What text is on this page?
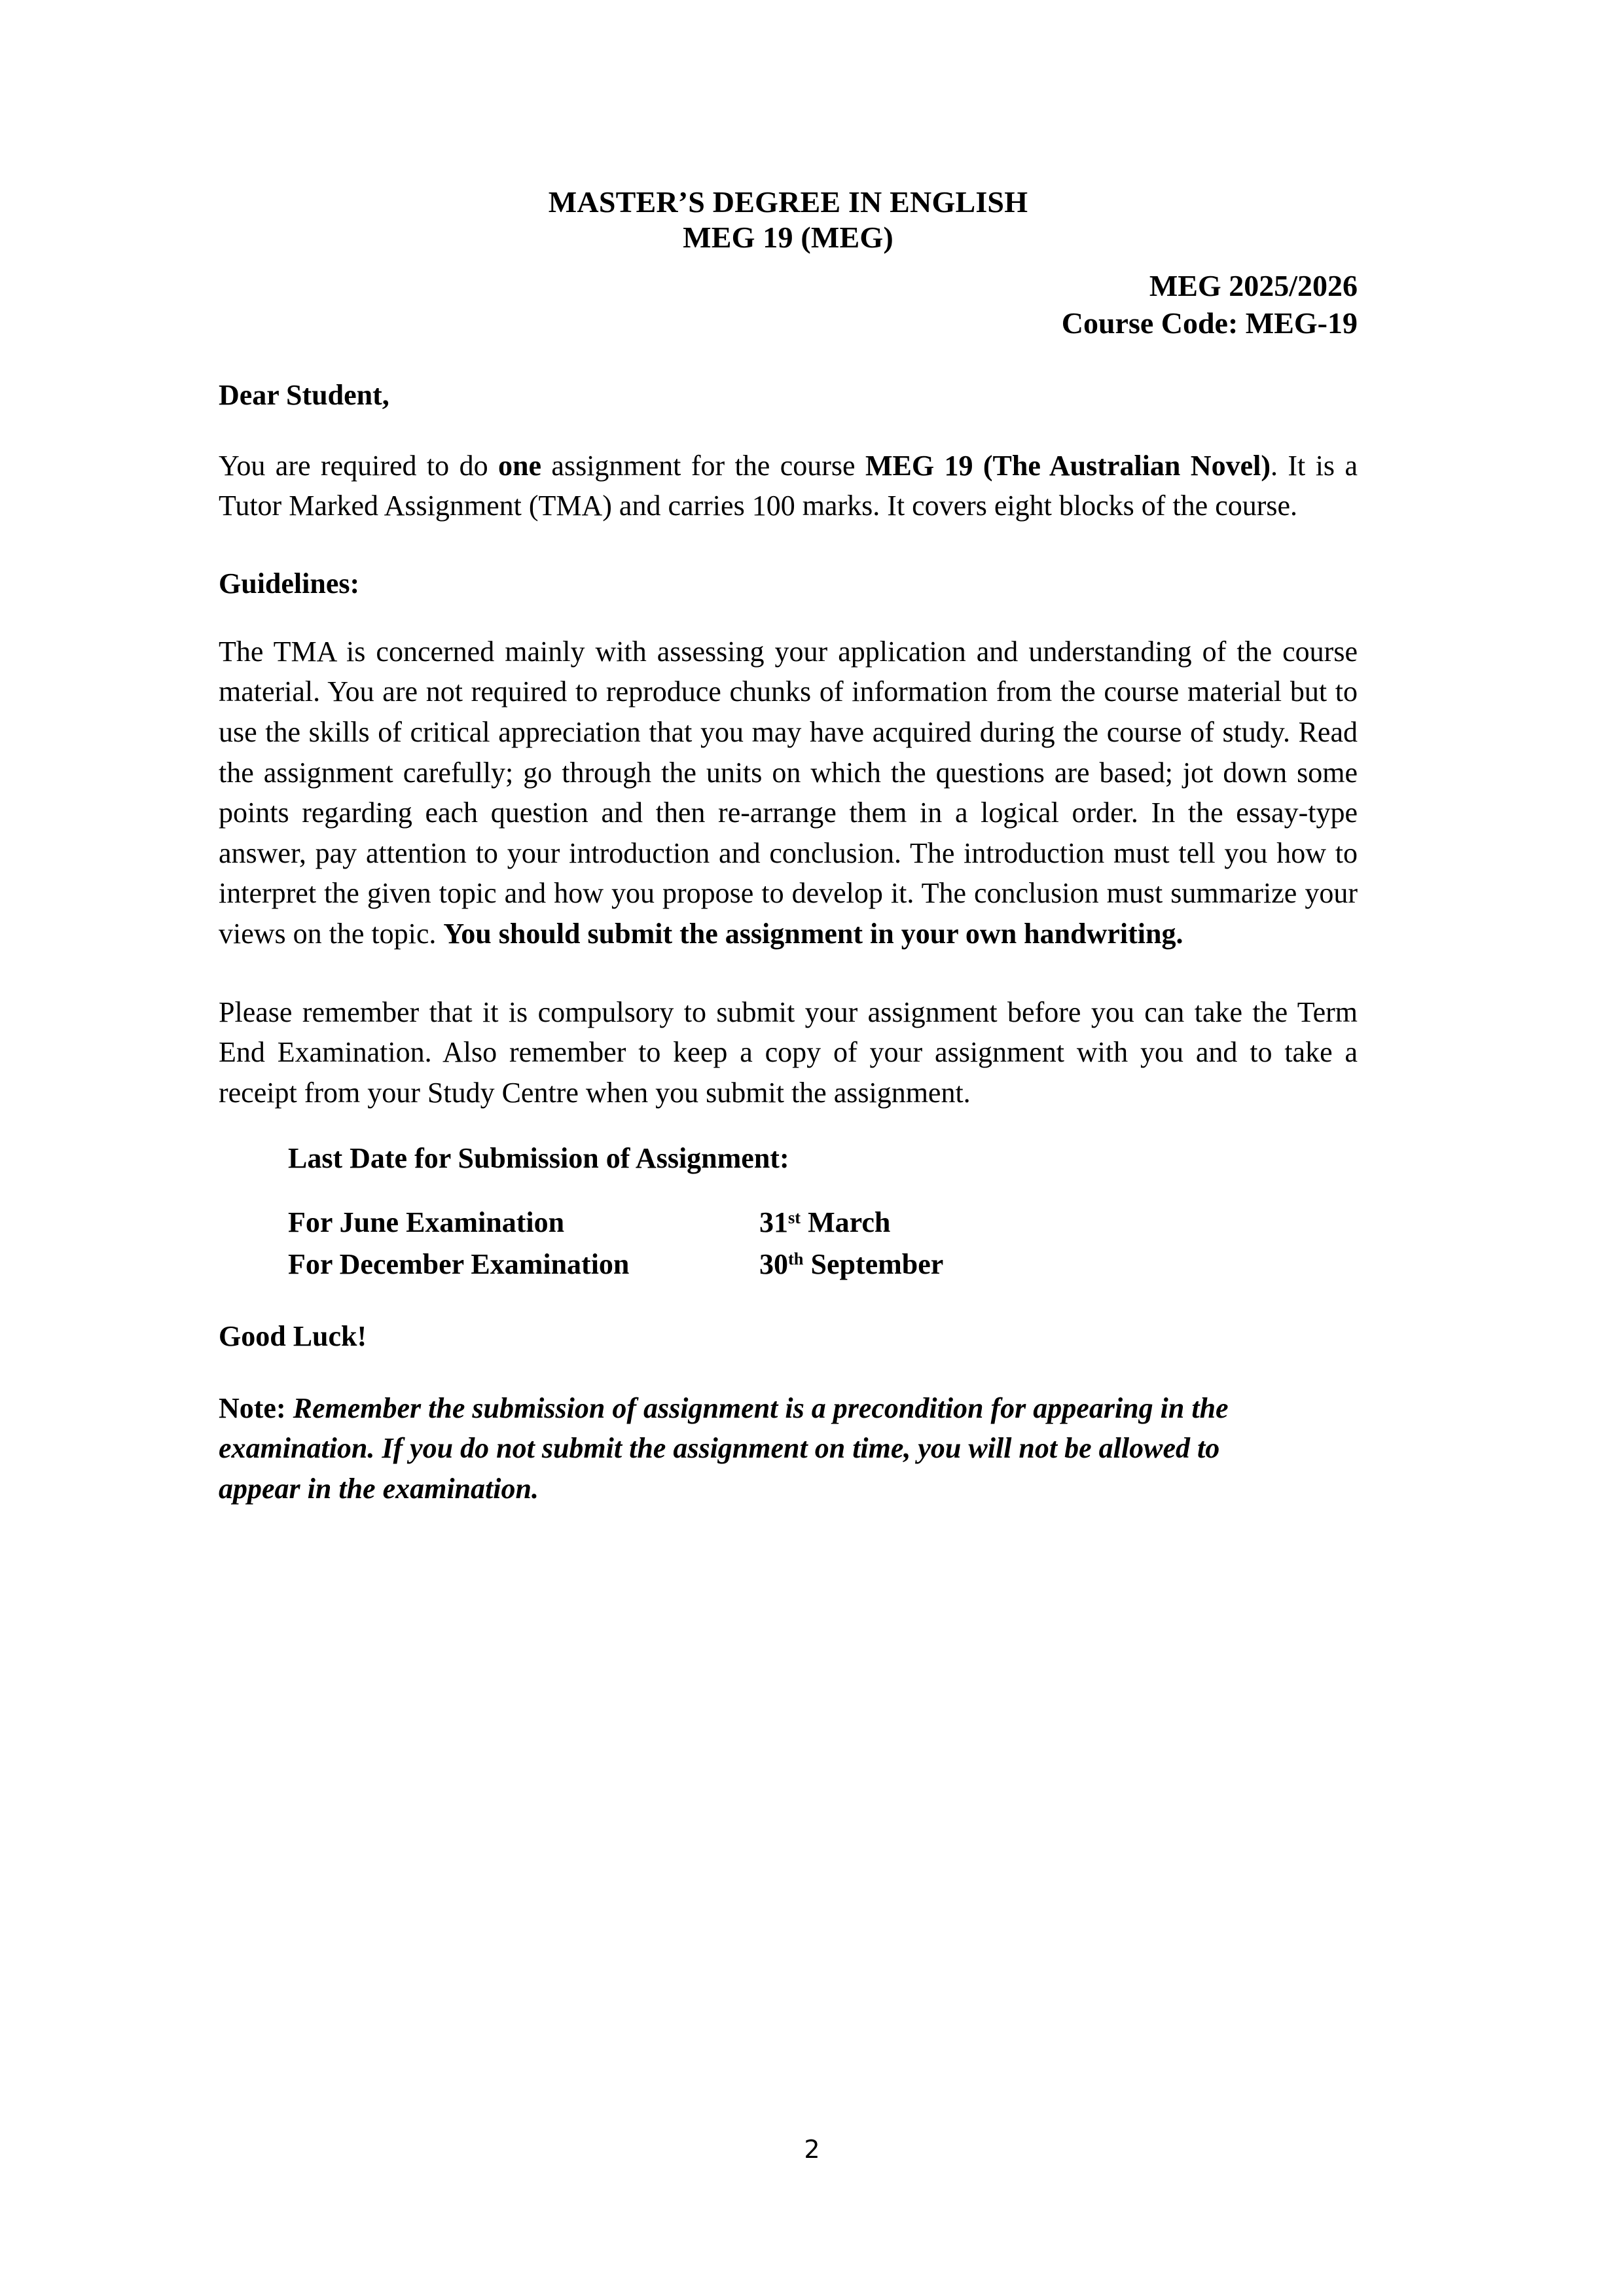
MASTER’S DEGREE IN ENGLISH
MEG 19 (MEG)
MEG 2025/2026
Course Code: MEG-19

Dear Student,

You are required to do one assignment for the course MEG 19 (The Australian Novel). It is a Tutor Marked Assignment (TMA) and carries 100 marks. It covers eight blocks of the course.

Guidelines:

The TMA is concerned mainly with assessing your application and understanding of the course material. You are not required to reproduce chunks of information from the course material but to use the skills of critical appreciation that you may have acquired during the course of study. Read the assignment carefully; go through the units on which the questions are based; jot down some points regarding each question and then re-arrange them in a logical order. In the essay-type answer, pay attention to your introduction and conclusion. The introduction must tell you how to interpret the given topic and how you propose to develop it. The conclusion must summarize your views on the topic. You should submit the assignment in your own handwriting.

Please remember that it is compulsory to submit your assignment before you can take the Term End Examination. Also remember to keep a copy of your assignment with you and to take a receipt from your Study Centre when you submit the assignment.

Last Date for Submission of Assignment:

For June Examination	31st March
For December Examination	30th September

Good Luck!

Note: Remember the submission of assignment is a precondition for appearing in the examination. If you do not submit the assignment on time, you will not be allowed to appear in the examination.

2
